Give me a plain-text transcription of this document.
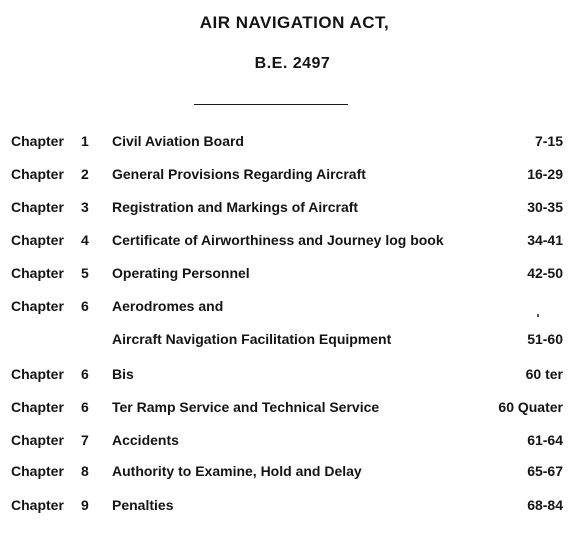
AIR NAVIGATION ACT,
B.E. 2497
Chapter 1 Civil Aviation Board	7-15
Chapter 2 General Provisions Regarding Aircraft	16-29
Chapter 3 Registration and Markings of Aircraft	30-35
Chapter 4 Certificate of Airworthiness and Journey log book	34-41
Chapter 5 Operating Personnel	42-50
Chapter 6 Aerodromes and
Aircraft Navigation Facilitation Equipment	51-60
Chapter 6 Bis	60 ter
Chapter 6 Ter Ramp Service and Technical Service	60 Quater
Chapter 7 Accidents	61-64
Chapter 8 Authority to Examine, Hold and Delay	65-67
Chapter 9 Penalties	68-84
